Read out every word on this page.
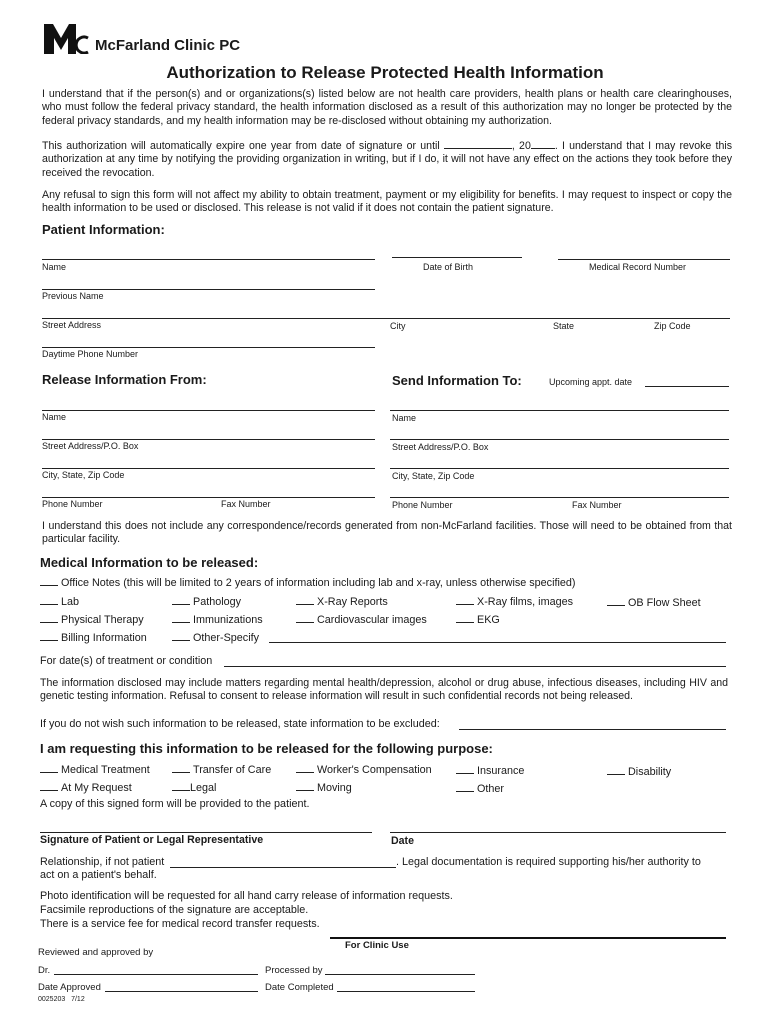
McFarland Clinic PC
Authorization to Release Protected Health Information
I understand that if the person(s) and or organizations(s) listed below are not health care providers, health plans or health care clearinghouses, who must follow the federal privacy standard, the health information disclosed as a result of this authorization may no longer be protected by the federal privacy standards, and my health information may be re-disclosed without obtaining my authorization.
This authorization will automatically expire one year from date of signature or until	, 20 . I understand that I may revoke this authorization at any time by notifying the providing organization in writing, but if I do, it will not have any effect on the actions they took before they received the revocation.
Any refusal to sign this form will not affect my ability to obtain treatment, payment or my eligibility for benefits. I may request to inspect or copy the health information to be used or disclosed. This release is not valid if it does not contain the patient signature.
Patient Information:
Name	Date of Birth	Medical Record Number
Previous Name
Street Address	City	State	Zip Code
Daytime Phone Number
Release Information From:	Send Information To:	Upcoming appt. date
Name	Name
Street Address/P.O. Box	Street Address/P.O. Box
City, State, Zip Code	City, State, Zip Code
Phone Number	Fax Number	Phone Number	Fax Number
I understand this does not include any correspondence/records generated from non-McFarland facilities. Those will need to be obtained from that particular facility.
Medical Information to be released:
Office Notes (this will be limited to 2 years of information including lab and x-ray, unless otherwise specified)
Lab	Pathology	X-Ray Reports	X-Ray films, images	OB Flow Sheet
Physical Therapy	Immunizations	Cardiovascular images	EKG
Billing Information	Other-Specify
For date(s) of treatment or condition
The information disclosed may include matters regarding mental health/depression, alcohol or drug abuse, infectious diseases, including HIV and genetic testing information. Refusal to consent to release information will result in such confidential records not being released.
If you do not wish such information to be released, state information to be excluded:
I am requesting this information to be released for the following purpose:
Medical Treatment	Transfer of Care	Worker's Compensation	Insurance	Disability
At My Request	Legal	Moving	Other
A copy of this signed form will be provided to the patient.
Signature of Patient or Legal Representative	Date
Relationship, if not patient	. Legal documentation is required supporting his/her authority to
act on a patient's behalf.
Photo identification will be requested for all hand carry release of information requests.
Facsimile reproductions of the signature are acceptable.
There is a service fee for medical record transfer requests.
For Clinic Use
Reviewed and approved by
Dr.	Processed by
Date Approved	Date Completed
0025203   7/12
